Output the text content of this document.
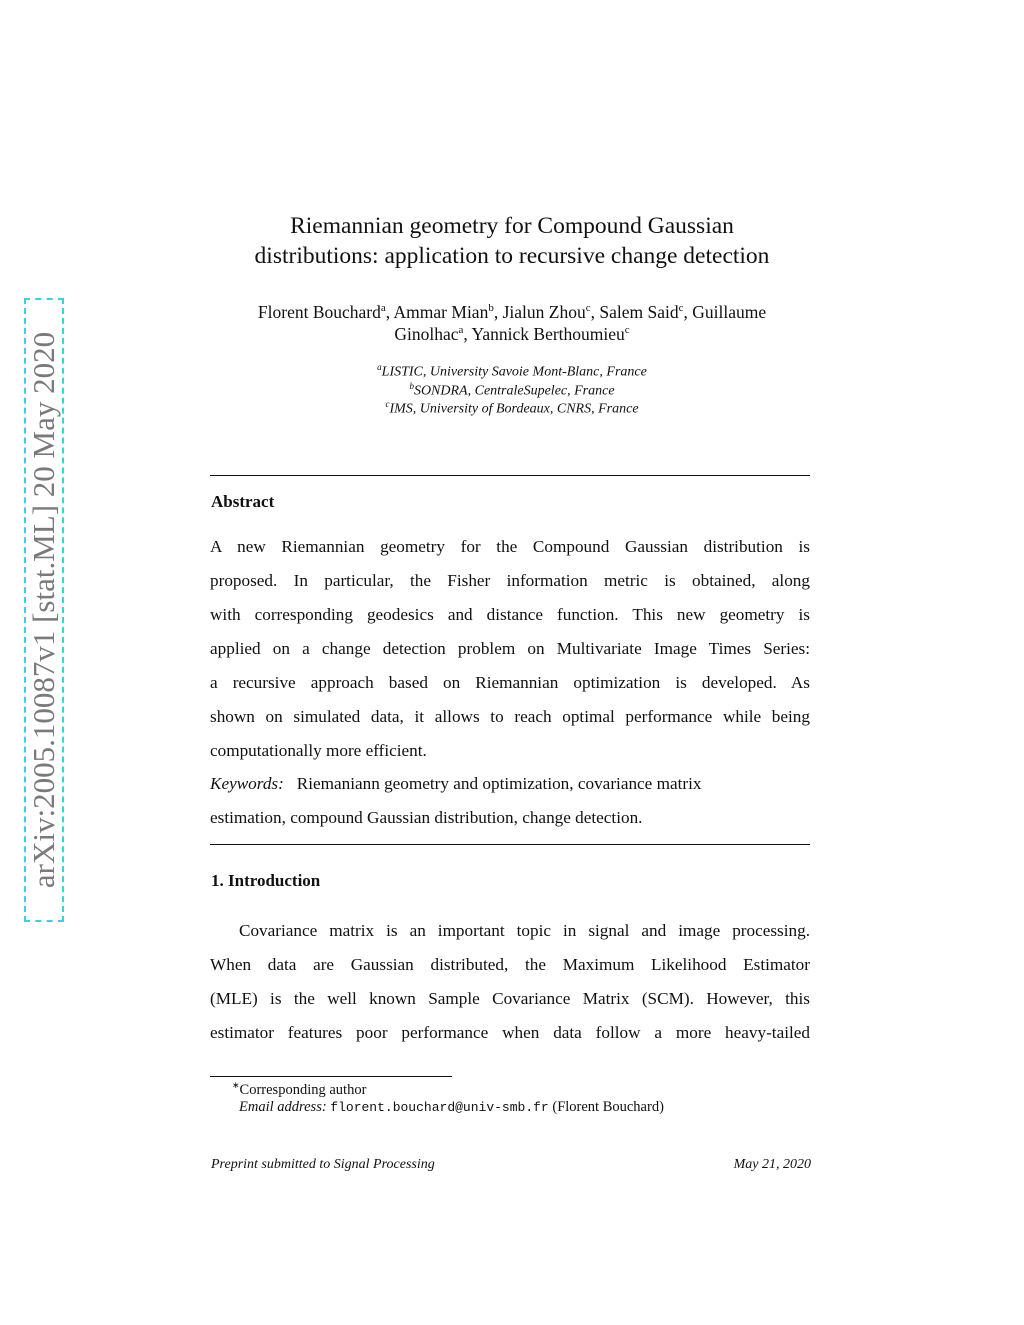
arXiv:2005.10087v1 [stat.ML] 20 May 2020
Riemannian geometry for Compound Gaussian
distributions: application to recursive change detection
Florent Bouchard$^a$, Ammar Mian$^b$, Jialun Zhou$^c$, Salem Said$^c$, Guillaume
Ginolhac$^a$, Yannick Berthoumieu$^c$
$^a$LISTIC, University Savoie Mont-Blanc, France
$^b$SONDRA, CentraleSupelec, France
$^c$IMS, University of Bordeaux, CNRS, France
Abstract
A new Riemannian geometry for the Compound Gaussian distribution is
proposed. In particular, the Fisher information metric is obtained, along
with corresponding geodesics and distance function. This new geometry is
applied on a change detection problem on Multivariate Image Times Series:
a recursive approach based on Riemannian optimization is developed. As
shown on simulated data, it allows to reach optimal performance while being
computationally more efficient.
Keywords: Riemaniann geometry and optimization, covariance matrix
estimation, compound Gaussian distribution, change detection.
1. Introduction
Covariance matrix is an important topic in signal and image processing.
When data are Gaussian distributed, the Maximum Likelihood Estimator
(MLE) is the well known Sample Covariance Matrix (SCM). However, this
estimator features poor performance when data follow a more heavy-tailed
∗Corresponding author
Email address: florent.bouchard@univ-smb.fr (Florent Bouchard)
Preprint submitted to Signal Processing	May 21, 2020
